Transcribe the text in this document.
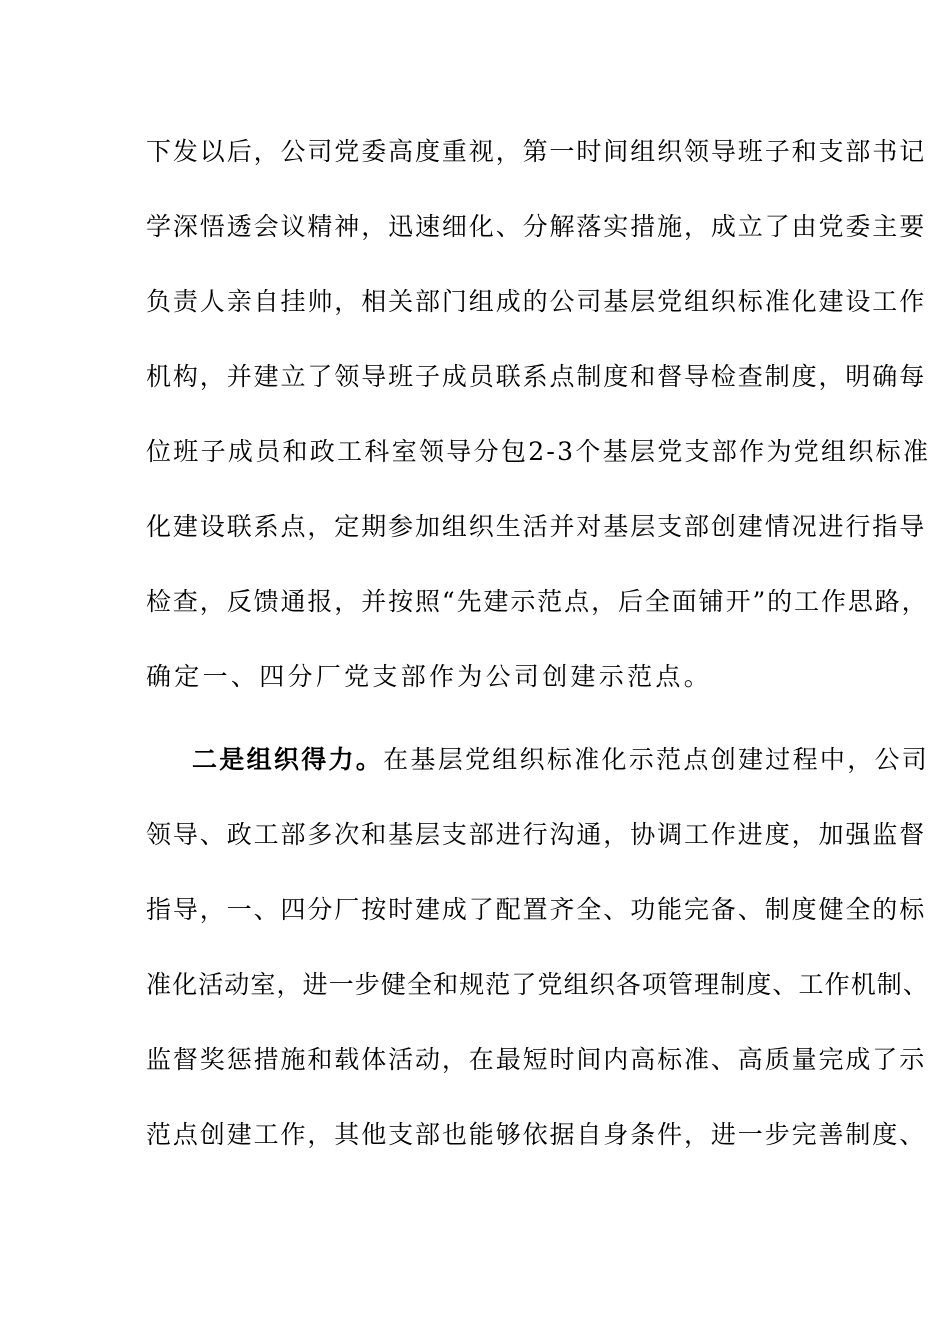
下发以后，公司党委高度重视，第一时间组织领导班子和支部书记
学深悟透会议精神，迅速细化、分解落实措施，成立了由党委主要
负责人亲自挂帅，相关部门组成的公司基层党组织标准化建设工作
机构，并建立了领导班子成员联系点制度和督导检查制度，明确每
位班子成员和政工科室领导分包2-3个基层党支部作为党组织标准
化建设联系点，定期参加组织生活并对基层支部创建情况进行指导
检查，反馈通报，并按照“先建示范点，后全面铺开”的工作思路，
确定一、四分厂党支部作为公司创建示范点。
二是组织得力。在基层党组织标准化示范点创建过程中，公司
领导、政工部多次和基层支部进行沟通，协调工作进度，加强监督
指导，一、四分厂按时建成了配置齐全、功能完备、制度健全的标
准化活动室，进一步健全和规范了党组织各项管理制度、工作机制、
监督奖惩措施和载体活动，在最短时间内高标准、高质量完成了示
范点创建工作，其他支部也能够依据自身条件，进一步完善制度、
